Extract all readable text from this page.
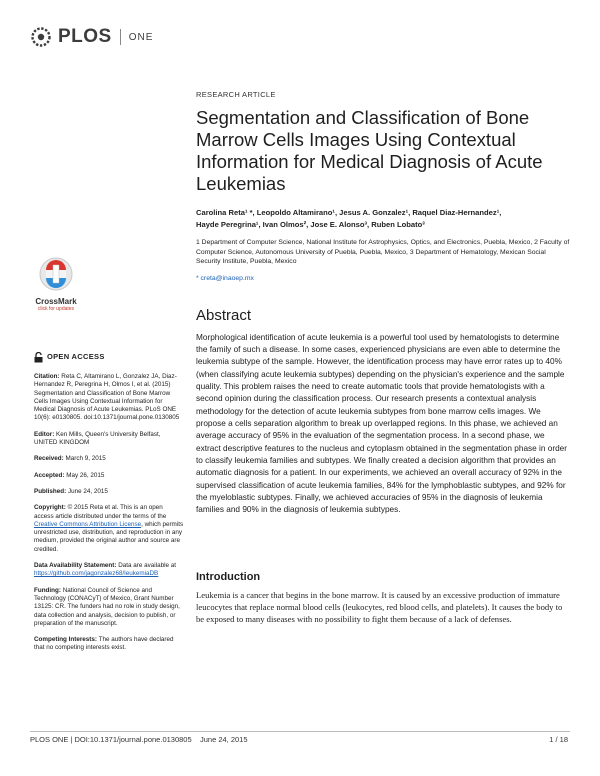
PLOS ONE
CrossMark
click for updates
OPEN ACCESS
Citation: Reta C, Altamirano L, Gonzalez JA, Diaz-Hernandez R, Peregrina H, Olmos I, et al. (2015) Segmentation and Classification of Bone Marrow Cells Images Using Contextual Information for Medical Diagnosis of Acute Leukemias. PLoS ONE 10(6): e0130805. doi:10.1371/journal.pone.0130805
Editor: Ken Mills, Queen's University Belfast, UNITED KINGDOM
Received: March 9, 2015
Accepted: May 26, 2015
Published: June 24, 2015
Copyright: © 2015 Reta et al. This is an open access article distributed under the terms of the Creative Commons Attribution License, which permits unrestricted use, distribution, and reproduction in any medium, provided the original author and source are credited.
Data Availability Statement: Data are available at https://github.com/jagonzalez68/leukemiaDB
Funding: National Council of Science and Technology (CONACyT) of Mexico, Grant Number 13125: CR. The funders had no role in study design, data collection and analysis, decision to publish, or preparation of the manuscript.
Competing Interests: The authors have declared that no competing interests exist.
RESEARCH ARTICLE
Segmentation and Classification of Bone Marrow Cells Images Using Contextual Information for Medical Diagnosis of Acute Leukemias
Carolina Reta¹ *, Leopoldo Altamirano¹, Jesus A. Gonzalez¹, Raquel Diaz-Hernandez¹,
Hayde Peregrina¹, Ivan Olmos², Jose E. Alonso³, Ruben Lobato³
1 Department of Computer Science, National Institute for Astrophysics, Optics, and Electronics, Puebla, Mexico, 2 Faculty of Computer Science, Autonomous University of Puebla, Puebla, Mexico, 3 Department of Hematology, Mexican Social Security Institute, Puebla, Mexico
* creta@inaoep.mx
Abstract
Morphological identification of acute leukemia is a powerful tool used by hematologists to determine the family of such a disease. In some cases, experienced physicians are even able to determine the leukemia subtype of the sample. However, the identification process may have error rates up to 40% (when classifying acute leukemia subtypes) depending on the physician's experience and the sample quality. This problem raises the need to create automatic tools that provide hematologists with a second opinion during the classification process. Our research presents a contextual analysis methodology for the detection of acute leukemia subtypes from bone marrow cells images. We propose a cells separation algorithm to break up overlapped regions. In this phase, we achieved an average accuracy of 95% in the evaluation of the segmentation process. In a second phase, we extract descriptive features to the nucleus and cytoplasm obtained in the segmentation phase in order to classify leukemia families and subtypes. We finally created a decision algorithm that provides an automatic diagnosis for a patient. In our experiments, we achieved an overall accuracy of 92% in the supervised classification of acute leukemia families, 84% for the lymphoblastic subtypes, and 92% for the myeloblastic subtypes. Finally, we achieved accuracies of 95% in the diagnosis of leukemia families and 90% in the diagnosis of leukemia subtypes.
Introduction
Leukemia is a cancer that begins in the bone marrow. It is caused by an excessive production of immature leucocytes that replace normal blood cells (leukocytes, red blood cells, and platelets). It causes the body to be exposed to many diseases with no possibility to fight them because of a lack of defenses.
PLOS ONE | DOI:10.1371/journal.pone.0130805    June 24, 2015	1 / 18
